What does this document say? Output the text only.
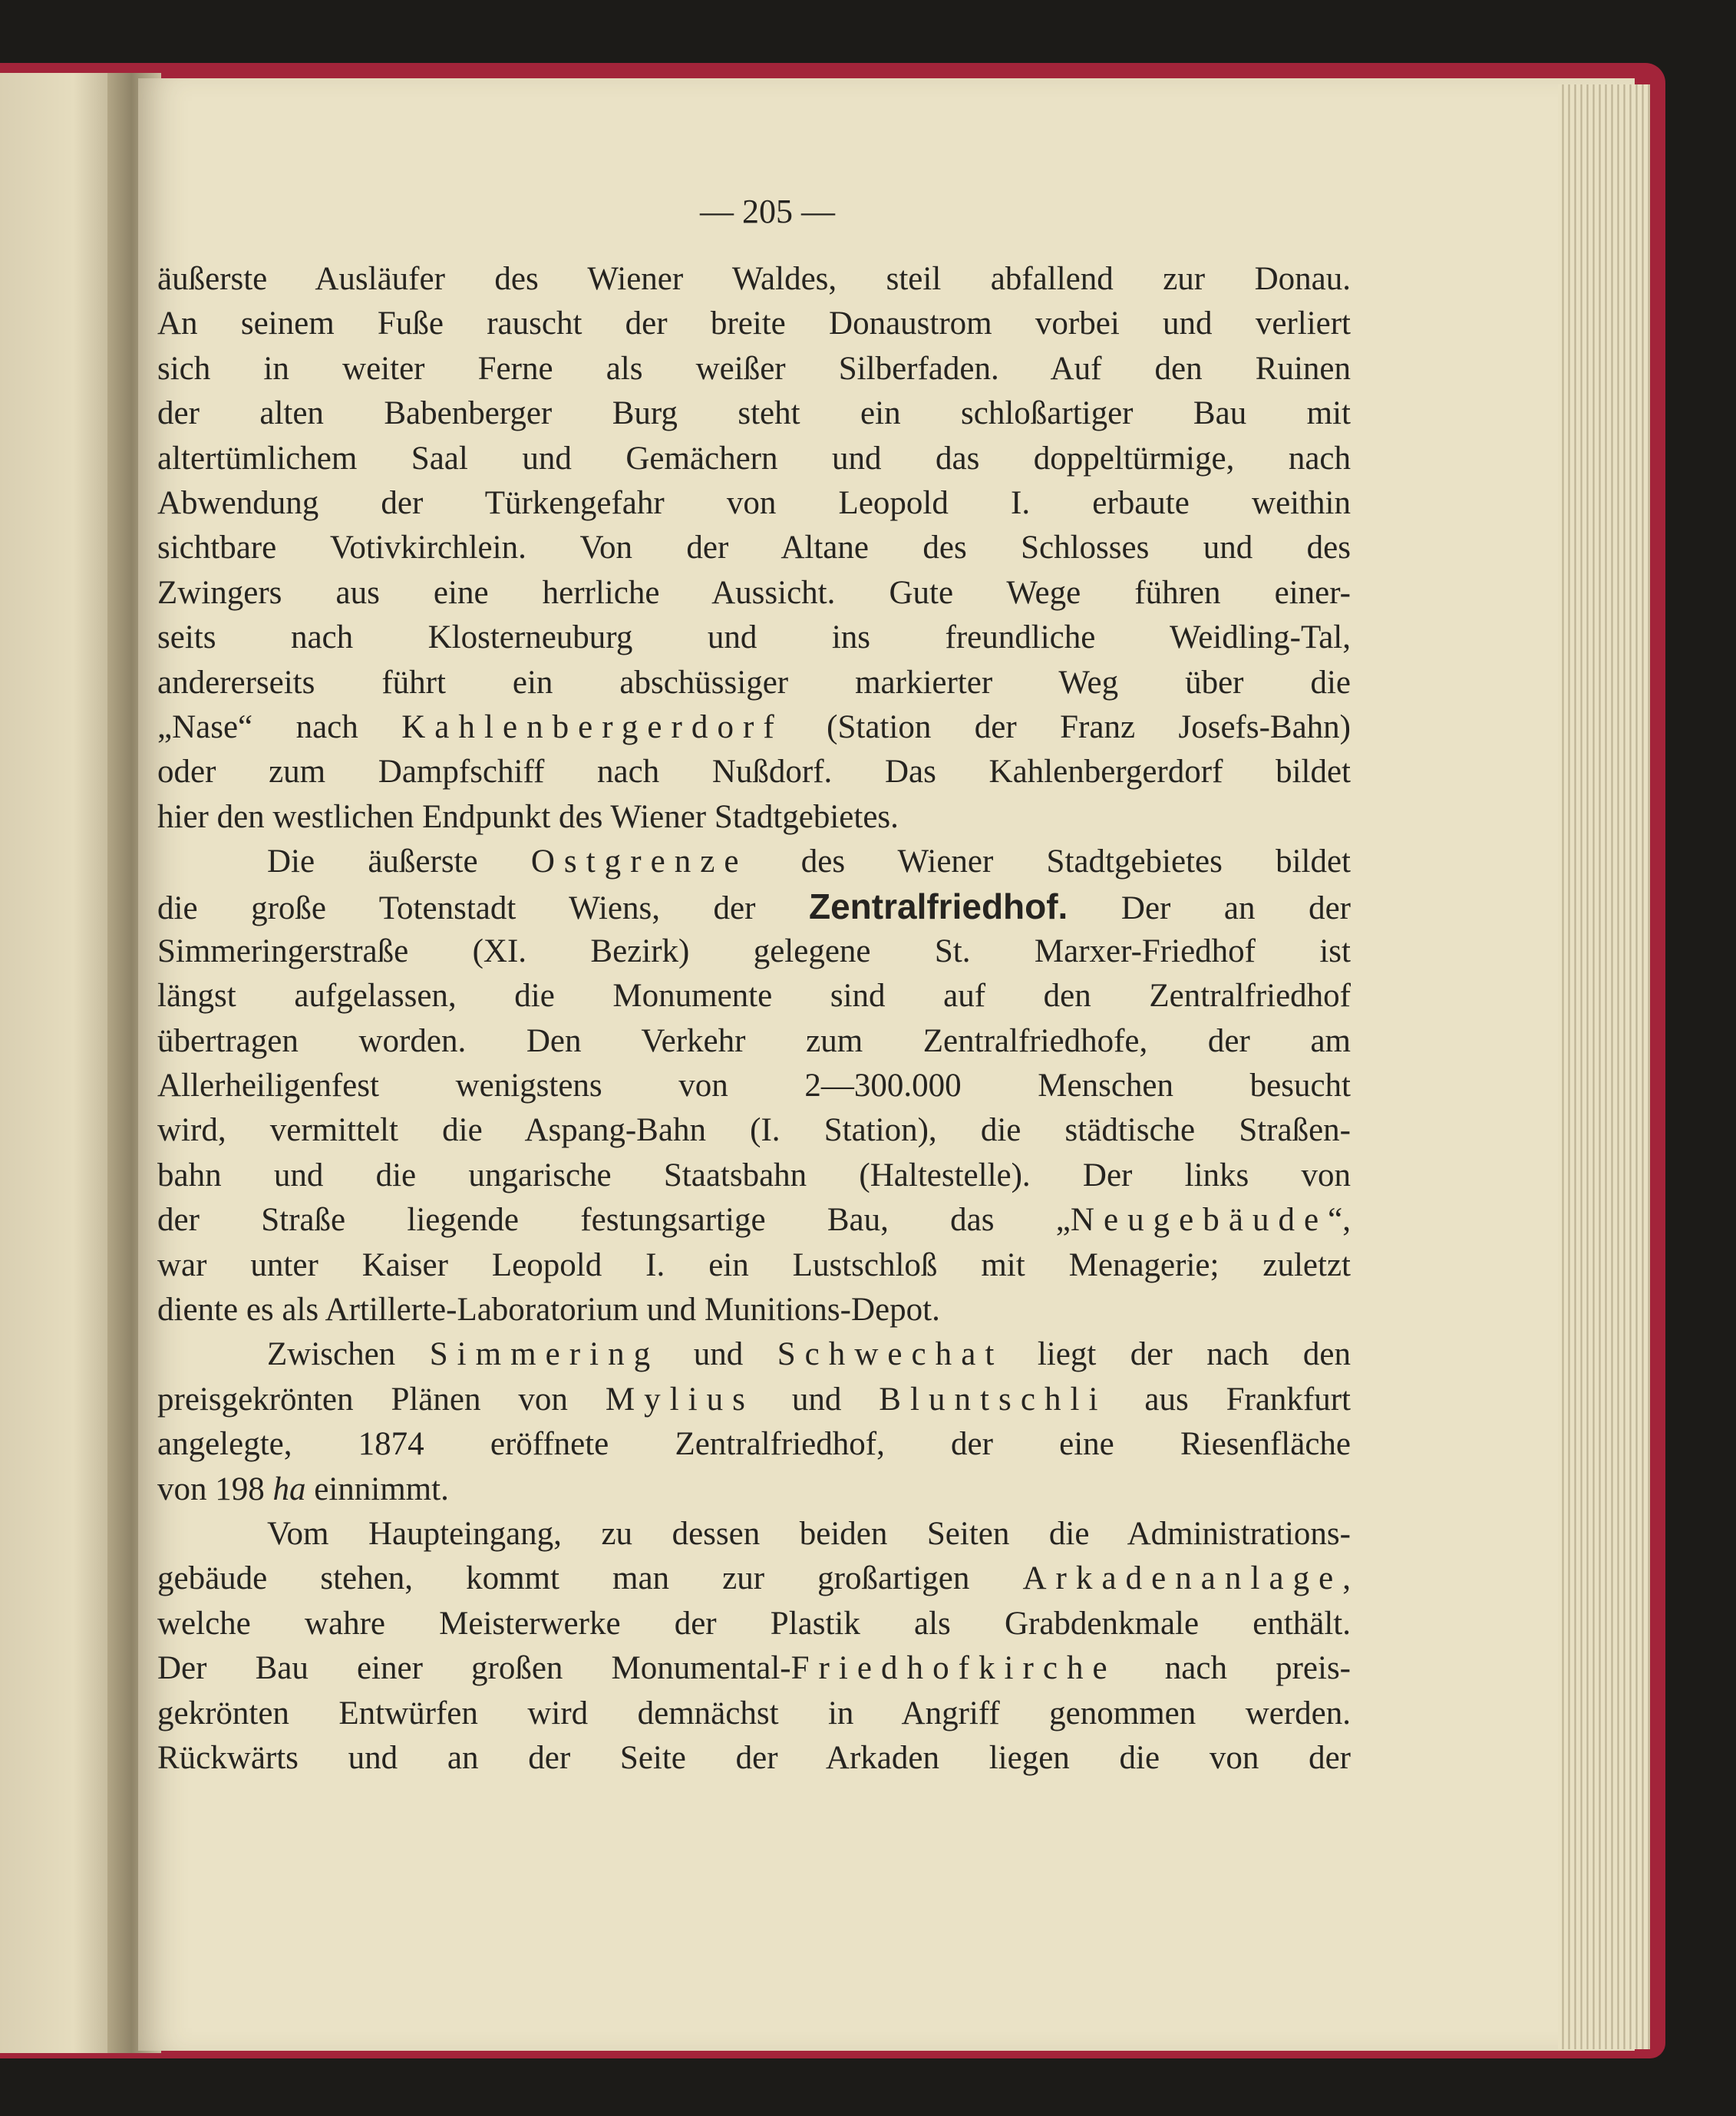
— 205 —
äußerste Ausläufer des Wiener Waldes, steil abfallend zur Donau.
An seinem Fuße rauscht der breite Donaustrom vorbei und verliert
sich in weiter Ferne als weißer Silberfaden. Auf den Ruinen
der alten Babenberger Burg steht ein schloßartiger Bau mit
altertümlichem Saal und Gemächern und das doppeltürmige, nach
Abwendung der Türkengefahr von Leopold I. erbaute weithin
sichtbare Votivkirchlein. Von der Altane des Schlosses und des
Zwingers aus eine herrliche Aussicht. Gute Wege führen einer-
seits nach Klosterneuburg und ins freundliche Weidling-Tal,
andererseits führt ein abschüssiger markierter Weg über die
„Nase“ nach Kahlenbergerdorf (Station der Franz Josefs-Bahn)
oder zum Dampfschiff nach Nußdorf. Das Kahlenbergerdorf bildet
hier den westlichen Endpunkt des Wiener Stadtgebietes.
Die äußerste Ostgrenze des Wiener Stadtgebietes bildet
die große Totenstadt Wiens, der Zentralfriedhof. Der an der
Simmeringerstraße (XI. Bezirk) gelegene St. Marxer-Friedhof ist
längst aufgelassen, die Monumente sind auf den Zentralfriedhof
übertragen worden. Den Verkehr zum Zentralfriedhofe, der am
Allerheiligenfest wenigstens von 2—300.000 Menschen besucht
wird, vermittelt die Aspang-Bahn (I. Station), die städtische Straßen-
bahn und die ungarische Staatsbahn (Haltestelle). Der links von
der Straße liegende festungsartige Bau, das „Neugebäude“,
war unter Kaiser Leopold I. ein Lustschloß mit Menagerie; zuletzt
diente es als Artillerte-Laboratorium und Munitions-Depot.
Zwischen Simmering und Schwechat liegt der nach den
preisgekrönten Plänen von Mylius und Bluntschli aus Frankfurt
angelegte, 1874 eröffnete Zentralfriedhof, der eine Riesenfläche
von 198 ha einnimmt.
Vom Haupteingang, zu dessen beiden Seiten die Administrations-
gebäude stehen, kommt man zur großartigen Arkadenanlage,
welche wahre Meisterwerke der Plastik als Grabdenkmale enthält.
Der Bau einer großen Monumental-Friedhofkirche nach preis-
gekrönten Entwürfen wird demnächst in Angriff genommen werden.
Rückwärts und an der Seite der Arkaden liegen die von der
